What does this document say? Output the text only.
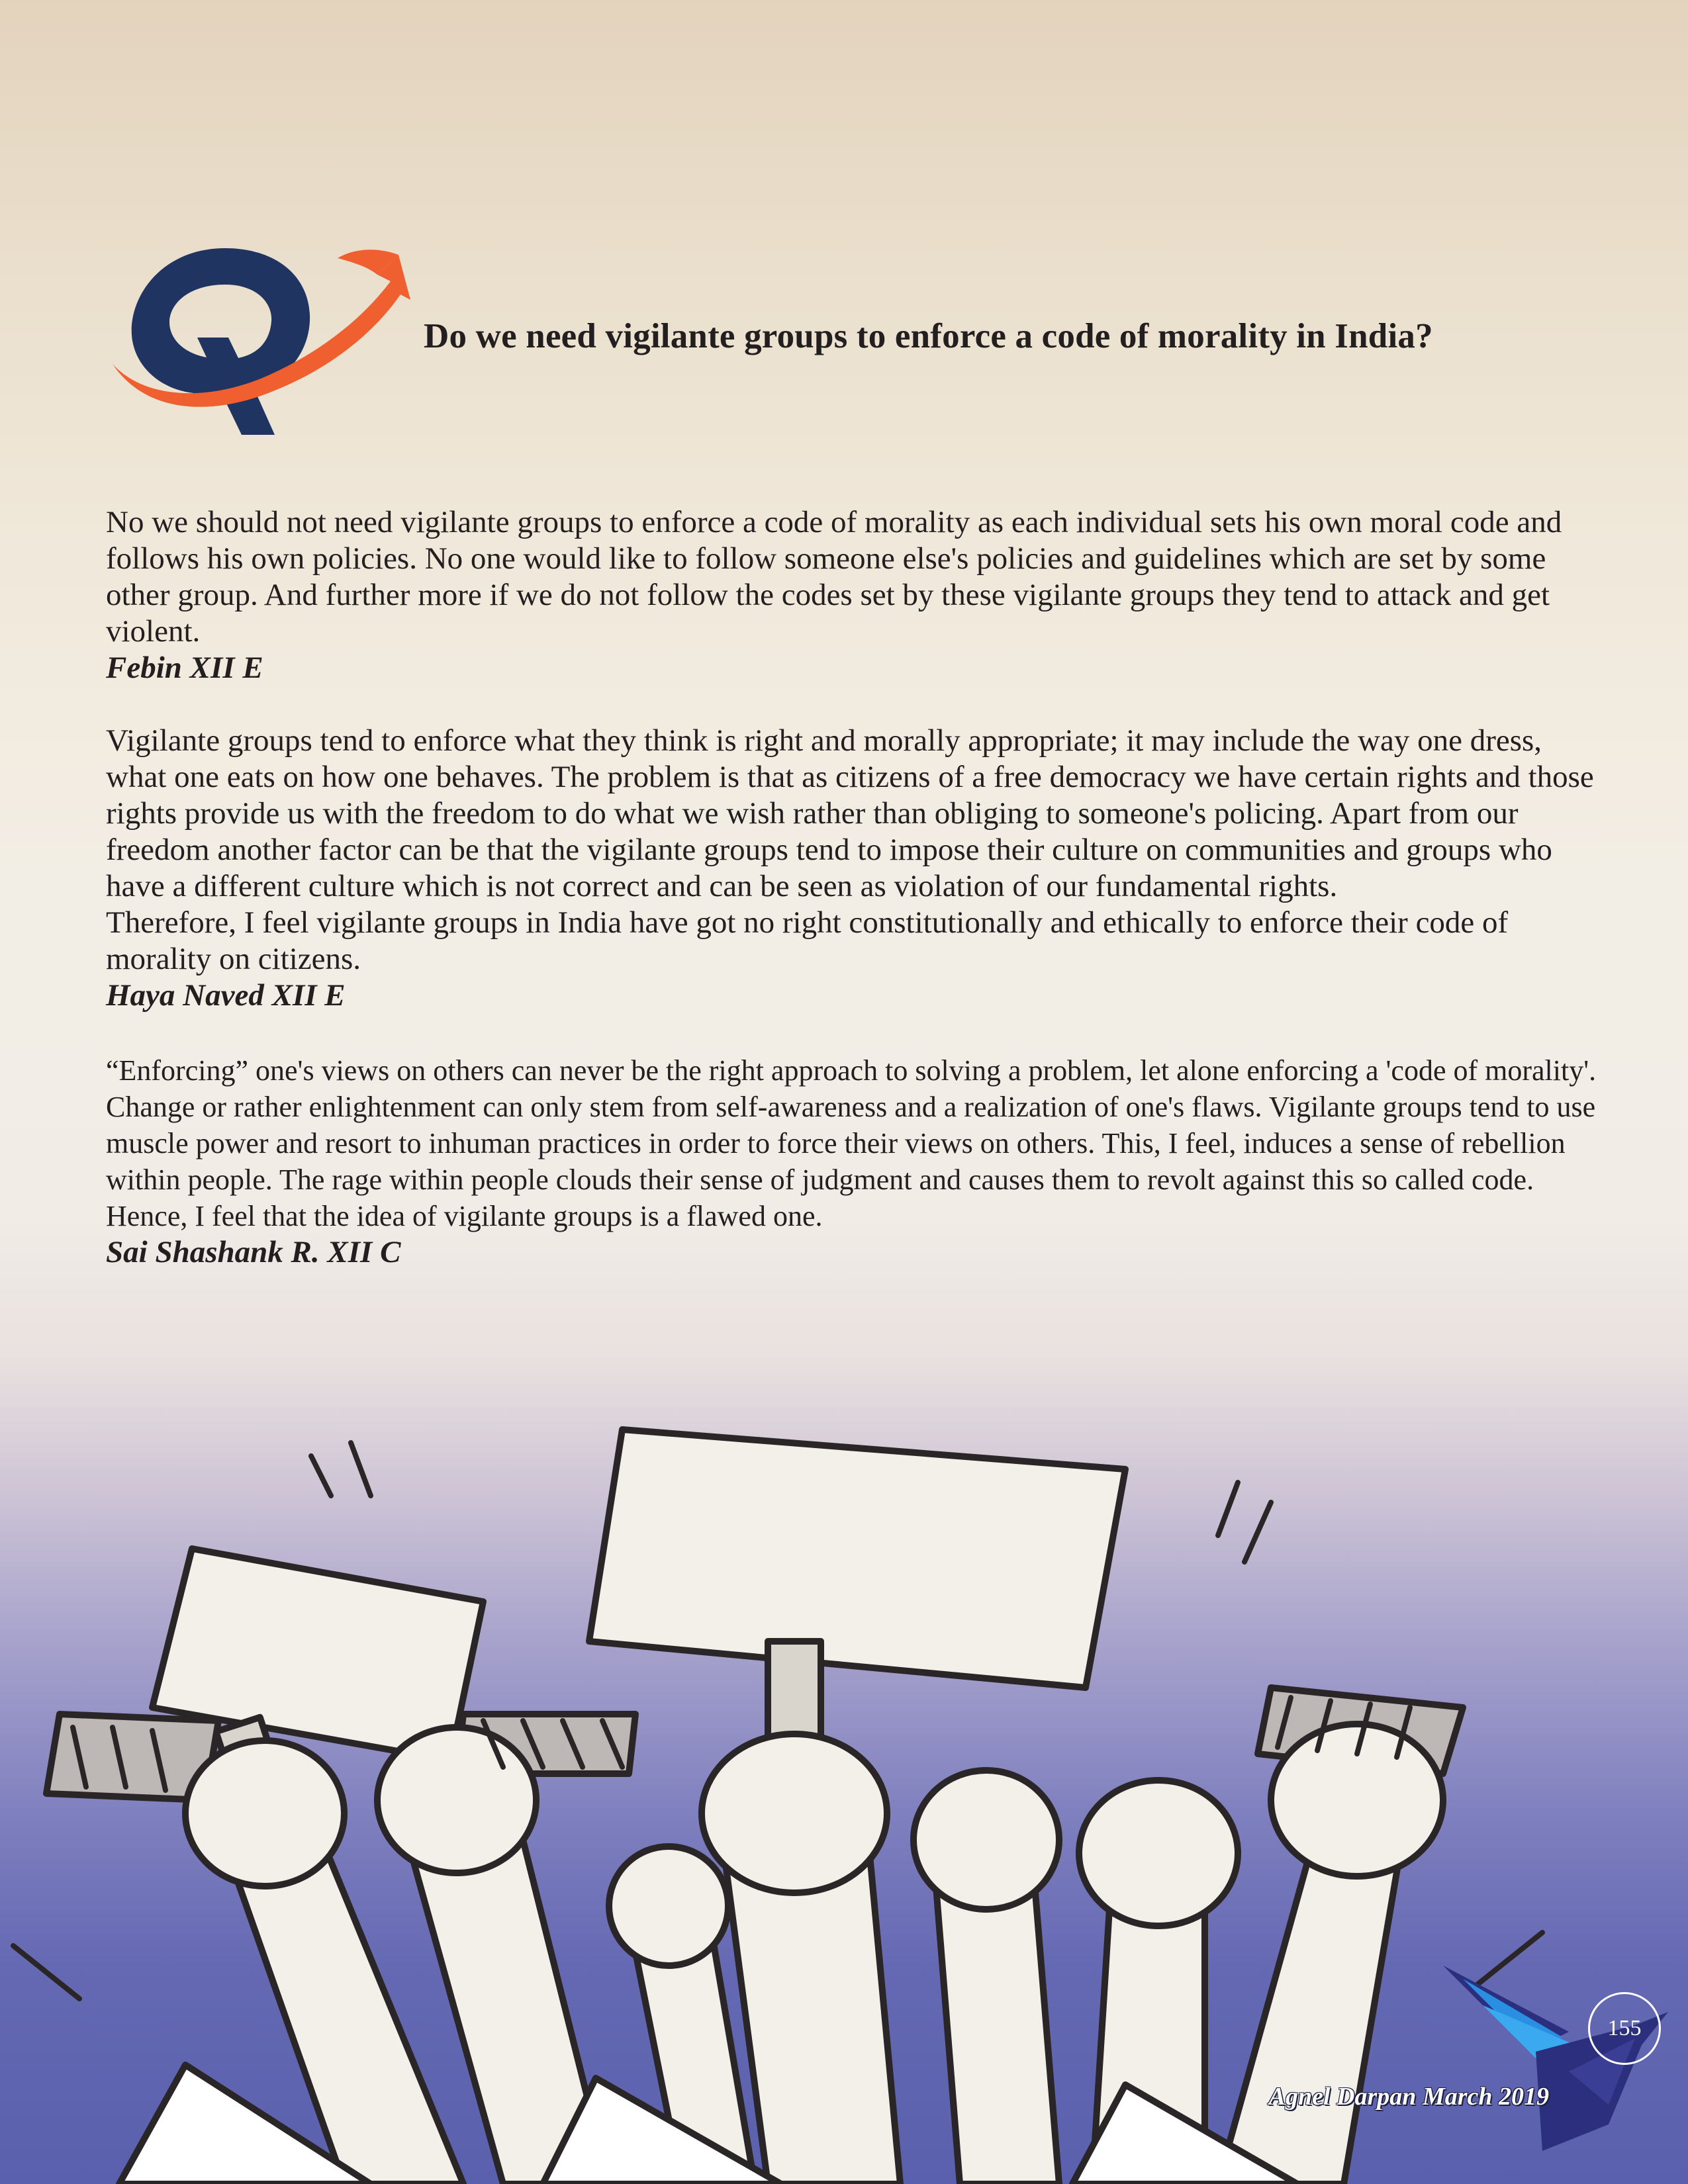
Do we need vigilante groups to enforce a code of morality in India?

No we should not need vigilante groups to enforce a code of morality as each individual sets his own moral code and follows his own policies. No one would like to follow someone else's policies and guidelines which are set by some other group. And further more if we do not follow the codes set by these vigilante groups they tend to attack and get violent.

Febin XII E

Vigilante groups tend to enforce what they think is right and morally appropriate; it may include the way one dress, what one eats on how one behaves. The problem is that as citizens of a free democracy we have certain rights and those rights provide us with the freedom to do what we wish rather than obliging to someone's policing. Apart from our freedom another factor can be that the vigilante groups tend to impose their culture on communities and groups who have a different culture which is not correct and can be seen as violation of our fundamental rights.

Therefore, I feel vigilante groups in India have got no right constitutionally and ethically to enforce their code of morality on citizens.

Haya Naved XII E

“Enforcing” one's views on others can never be the right approach to solving a problem, let alone enforcing a 'code of morality'. Change or rather enlightenment can only stem from self-awareness and a realization of one's flaws. Vigilante groups tend to use muscle power and resort to inhuman practices in order to force their views on others. This, I feel, induces a sense of rebellion within people. The rage within people clouds their sense of judgment and causes them to revolt against this so called code. Hence, I feel that the idea of vigilante groups is a flawed one.

Sai Shashank R. XII C

155
Agnel Darpan March 2019
